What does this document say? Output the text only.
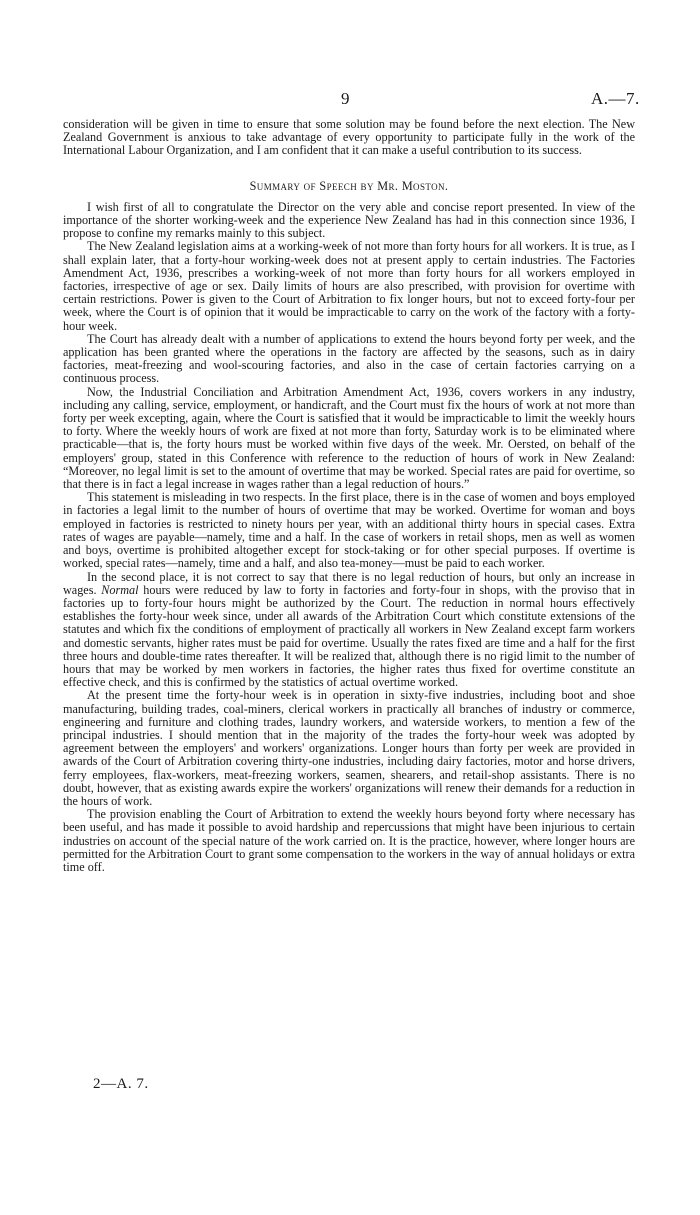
9	A.—7.

consideration will be given in time to ensure that some solution may be found before the next election. The New Zealand Government is anxious to take advantage of every opportunity to participate fully in the work of the International Labour Organization, and I am confident that it can make a useful contribution to its success.

Summary of Speech by Mr. Moston.

I wish first of all to congratulate the Director on the very able and concise report presented. In view of the importance of the shorter working-week and the experience New Zealand has had in this connection since 1936, I propose to confine my remarks mainly to this subject.

The New Zealand legislation aims at a working-week of not more than forty hours for all workers. It is true, as I shall explain later, that a forty-hour working-week does not at present apply to certain industries. The Factories Amendment Act, 1936, prescribes a working-week of not more than forty hours for all workers employed in factories, irrespective of age or sex. Daily limits of hours are also prescribed, with provision for overtime with certain restrictions. Power is given to the Court of Arbitration to fix longer hours, but not to exceed forty-four per week, where the Court is of opinion that it would be impracticable to carry on the work of the factory with a forty-hour week.

The Court has already dealt with a number of applications to extend the hours beyond forty per week, and the application has been granted where the operations in the factory are affected by the seasons, such as in dairy factories, meat-freezing and wool-scouring factories, and also in the case of certain factories carrying on a continuous process.

Now, the Industrial Conciliation and Arbitration Amendment Act, 1936, covers workers in any industry, including any calling, service, employment, or handicraft, and the Court must fix the hours of work at not more than forty per week excepting, again, where the Court is satisfied that it would be impracticable to limit the weekly hours to forty. Where the weekly hours of work are fixed at not more than forty, Saturday work is to be eliminated where practicable—that is, the forty hours must be worked within five days of the week. Mr. Oersted, on behalf of the employers' group, stated in this Conference with reference to the reduction of hours of work in New Zealand: “Moreover, no legal limit is set to the amount of overtime that may be worked. Special rates are paid for overtime, so that there is in fact a legal increase in wages rather than a legal reduction of hours.”

This statement is misleading in two respects. In the first place, there is in the case of women and boys employed in factories a legal limit to the number of hours of overtime that may be worked. Overtime for woman and boys employed in factories is restricted to ninety hours per year, with an additional thirty hours in special cases. Extra rates of wages are payable—namely, time and a half. In the case of workers in retail shops, men as well as women and boys, overtime is prohibited altogether except for stock-taking or for other special purposes. If overtime is worked, special rates—namely, time and a half, and also tea-money—must be paid to each worker.

In the second place, it is not correct to say that there is no legal reduction of hours, but only an increase in wages. Normal hours were reduced by law to forty in factories and forty-four in shops, with the proviso that in factories up to forty-four hours might be authorized by the Court. The reduction in normal hours effectively establishes the forty-hour week since, under all awards of the Arbitration Court which constitute extensions of the statutes and which fix the conditions of employment of practically all workers in New Zealand except farm workers and domestic servants, higher rates must be paid for overtime. Usually the rates fixed are time and a half for the first three hours and double-time rates thereafter. It will be realized that, although there is no rigid limit to the number of hours that may be worked by men workers in factories, the higher rates thus fixed for overtime constitute an effective check, and this is confirmed by the statistics of actual overtime worked.

At the present time the forty-hour week is in operation in sixty-five industries, including boot and shoe manufacturing, building trades, coal-miners, clerical workers in practically all branches of industry or commerce, engineering and furniture and clothing trades, laundry workers, and waterside workers, to mention a few of the principal industries. I should mention that in the majority of the trades the forty-hour week was adopted by agreement between the employers' and workers' organizations. Longer hours than forty per week are provided in awards of the Court of Arbitration covering thirty-one industries, including dairy factories, motor and horse drivers, ferry employees, flax-workers, meat-freezing workers, seamen, shearers, and retail-shop assistants. There is no doubt, however, that as existing awards expire the workers' organizations will renew their demands for a reduction in the hours of work.

The provision enabling the Court of Arbitration to extend the weekly hours beyond forty where necessary has been useful, and has made it possible to avoid hardship and repercussions that might have been injurious to certain industries on account of the special nature of the work carried on. It is the practice, however, where longer hours are permitted for the Arbitration Court to grant some compensation to the workers in the way of annual holidays or extra time off.

2—A. 7.
